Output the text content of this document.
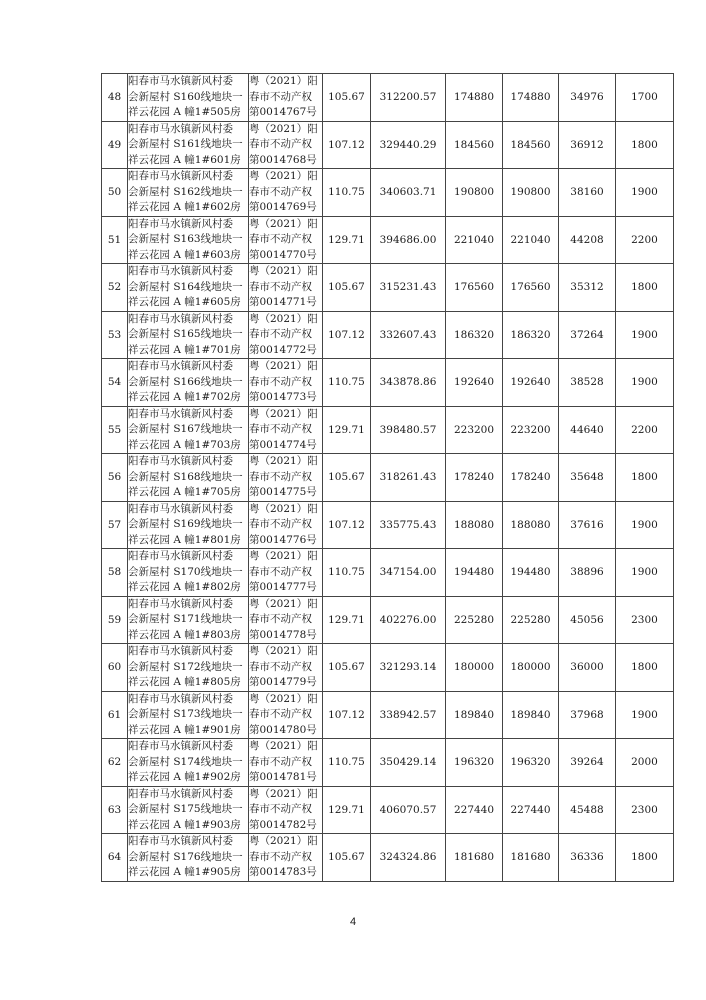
48	阳春市马水镇新风村委
会新屋村 S160线地块一
祥云花园 A 幢1#505房	粤（2021）阳
春市不动产权
第0014767号	105.67	312200.57	174880	174880	34976	1700
49	阳春市马水镇新风村委
会新屋村 S161线地块一
祥云花园 A 幢1#601房	粤（2021）阳
春市不动产权
第0014768号	107.12	329440.29	184560	184560	36912	1800
50	阳春市马水镇新风村委
会新屋村 S162线地块一
祥云花园 A 幢1#602房	粤（2021）阳
春市不动产权
第0014769号	110.75	340603.71	190800	190800	38160	1900
51	阳春市马水镇新风村委
会新屋村 S163线地块一
祥云花园 A 幢1#603房	粤（2021）阳
春市不动产权
第0014770号	129.71	394686.00	221040	221040	44208	2200
52	阳春市马水镇新风村委
会新屋村 S164线地块一
祥云花园 A 幢1#605房	粤（2021）阳
春市不动产权
第0014771号	105.67	315231.43	176560	176560	35312	1800
53	阳春市马水镇新风村委
会新屋村 S165线地块一
祥云花园 A 幢1#701房	粤（2021）阳
春市不动产权
第0014772号	107.12	332607.43	186320	186320	37264	1900
54	阳春市马水镇新风村委
会新屋村 S166线地块一
祥云花园 A 幢1#702房	粤（2021）阳
春市不动产权
第0014773号	110.75	343878.86	192640	192640	38528	1900
55	阳春市马水镇新风村委
会新屋村 S167线地块一
祥云花园 A 幢1#703房	粤（2021）阳
春市不动产权
第0014774号	129.71	398480.57	223200	223200	44640	2200
56	阳春市马水镇新风村委
会新屋村 S168线地块一
祥云花园 A 幢1#705房	粤（2021）阳
春市不动产权
第0014775号	105.67	318261.43	178240	178240	35648	1800
57	阳春市马水镇新风村委
会新屋村 S169线地块一
祥云花园 A 幢1#801房	粤（2021）阳
春市不动产权
第0014776号	107.12	335775.43	188080	188080	37616	1900
58	阳春市马水镇新风村委
会新屋村 S170线地块一
祥云花园 A 幢1#802房	粤（2021）阳
春市不动产权
第0014777号	110.75	347154.00	194480	194480	38896	1900
59	阳春市马水镇新风村委
会新屋村 S171线地块一
祥云花园 A 幢1#803房	粤（2021）阳
春市不动产权
第0014778号	129.71	402276.00	225280	225280	45056	2300
60	阳春市马水镇新风村委
会新屋村 S172线地块一
祥云花园 A 幢1#805房	粤（2021）阳
春市不动产权
第0014779号	105.67	321293.14	180000	180000	36000	1800
61	阳春市马水镇新风村委
会新屋村 S173线地块一
祥云花园 A 幢1#901房	粤（2021）阳
春市不动产权
第0014780号	107.12	338942.57	189840	189840	37968	1900
62	阳春市马水镇新风村委
会新屋村 S174线地块一
祥云花园 A 幢1#902房	粤（2021）阳
春市不动产权
第0014781号	110.75	350429.14	196320	196320	39264	2000
63	阳春市马水镇新风村委
会新屋村 S175线地块一
祥云花园 A 幢1#903房	粤（2021）阳
春市不动产权
第0014782号	129.71	406070.57	227440	227440	45488	2300
64	阳春市马水镇新风村委
会新屋村 S176线地块一
祥云花园 A 幢1#905房	粤（2021）阳
春市不动产权
第0014783号	105.67	324324.86	181680	181680	36336	1800
4
